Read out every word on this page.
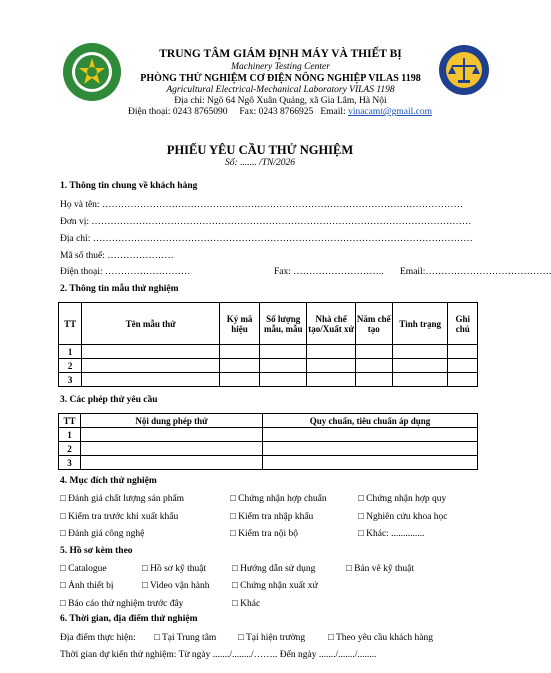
TRUNG TÂM GIÁM ĐỊNH MÁY VÀ THIẾT BỊ
Machinery Testing Center
PHÒNG THỬ NGHIỆM CƠ ĐIỆN NÔNG NGHIỆP VILAS 1198
Agricultural Electrical-Mechanical Laboratory VILAS 1198
Địa chỉ: Ngõ 64 Ngô Xuân Quảng, xã Gia Lâm, Hà Nội
Điện thoại: 0243 8765090     Fax: 0243 8766925   Email: vinacamt@gmail.com
PHIẾU YÊU CẦU THỬ NGHIỆM
Số: ....... /TN/2026
1. Thông tin chung về khách hàng
Họ và tên: ……………………………………………………………………………………………………
Đơn vị: …………………………………………………………………………………………………………
Địa chỉ: …………………………………………………………………………………………………………
Mã số thuế: …………………
Điện thoại: ………………………	Fax: ……………………….. Email:………………………………….
2. Thông tin mẫu thử nghiệm
TT	Tên mẫu thử	Ký mã hiệu	Số lượng mẫu, mẫu	Nhà chế tạo/Xuất xứ	Năm chế tạo	Tình trạng	Ghi chú
1							
2							
3							
3. Các phép thử yêu cầu
TT	Nội dung phép thử	Quy chuẩn, tiêu chuẩn áp dụng
1		
2		
3		
4. Mục đích thử nghiệm
□ Đánh giá chất lượng sản phẩm	□ Chứng nhận hợp chuẩn	□ Chứng nhận hợp quy
□ Kiểm tra trước khi xuất khẩu	□ Kiểm tra nhập khẩu	□ Nghiên cứu khoa học
□ Đánh giá công nghệ	□ Kiểm tra nội bộ	□ Khác: ..............
5. Hồ sơ kèm theo
□ Catalogue	□ Hồ sơ kỹ thuật	□ Hướng dẫn sử dụng	□ Bản vẽ kỹ thuật
□ Ảnh thiết bị	□ Video vận hành □ Chứng nhận xuất xứ
□ Báo cáo thử nghiệm trước đây	□ Khác
6. Thời gian, địa điểm thử nghiệm
Địa điểm thực hiện: □ Tại Trung tâm □ Tại hiện trường □ Theo yêu cầu khách hàng
Thời gian dự kiến thử nghiệm: Từ ngày ......./......../…….. Đến ngày ......./......./........
